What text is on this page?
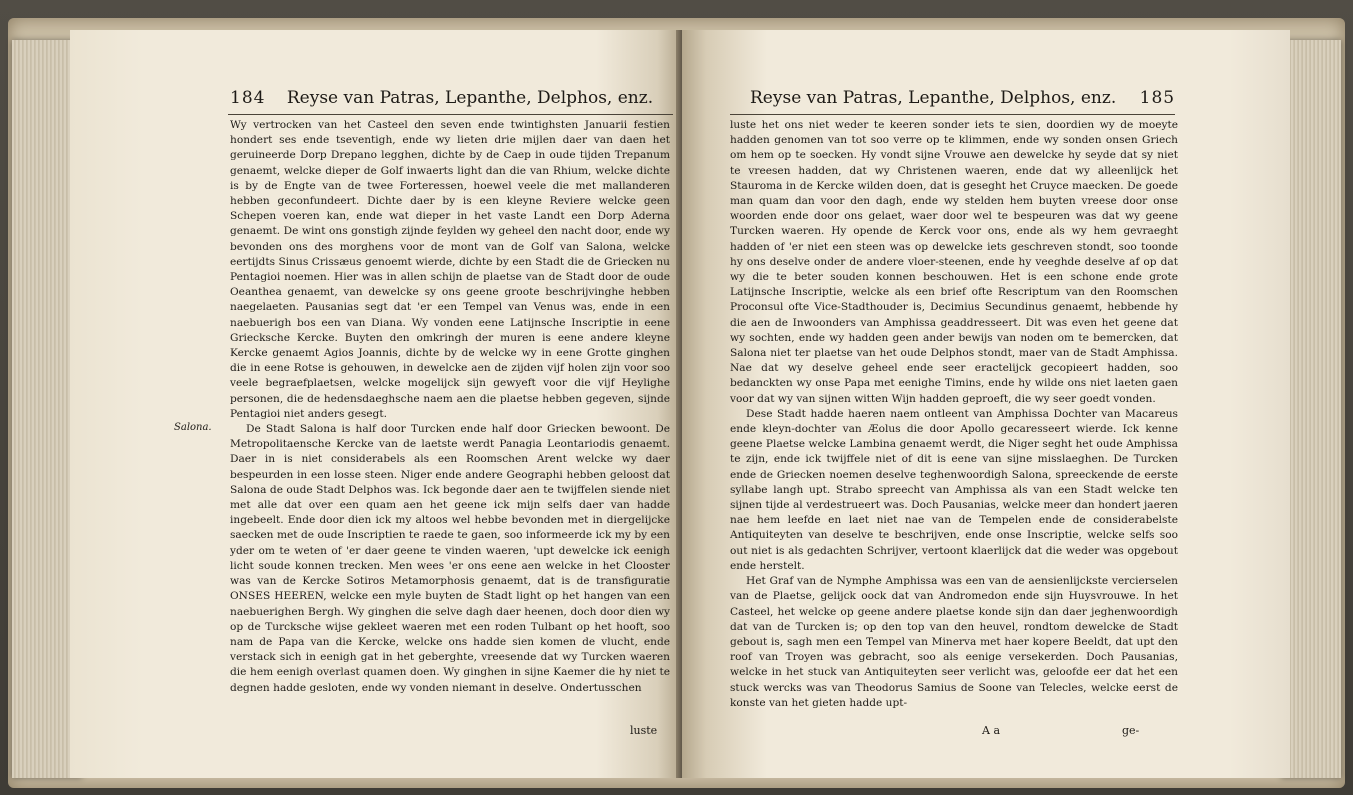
184 Reyse van Patras, Lepanthe, Delphos, enz.

Wy vertrocken van het Casteel den seven ende twintighsten Januarii festien hondert ses ende tseventigh, ende wy lieten drie mijlen daer van daen het geruineerde Dorp Drepano legghen, dichte by de Caep in oude tijden Trepanum genaemt, welcke dieper de Golf inwaerts light dan die van Rhium, welcke dichte is by de Engte van de twee Forteressen, hoewel veele die met mallanderen hebben geconfundeert. Dichte daer by is een kleyne Reviere welcke geen Schepen voeren kan, ende wat dieper in het vaste Landt een Dorp Aderna genaemt. De wint ons gonstigh zijnde feylden wy geheel den nacht door, ende wy bevonden ons des morghens voor de mont van de Golf van Salona, welcke eertijdts Sinus Crissæus genoemt wierde, dichte by een Stadt die de Griecken nu Pentagioi noemen. Hier was in allen schijn de plaetse van de Stadt door de oude Oeanthea genaemt, van dewelcke sy ons geene groote beschrijvinghe hebben naegelaeten. Pausanias segt dat 'er een Tempel van Venus was, ende in een naebuerigh bos een van Diana. Wy vonden eene Latijnsche Inscriptie in eene Griecksche Kercke. Buyten den omkringh der muren is eene andere kleyne Kercke genaemt Agios Joannis, dichte by de welcke wy in eene Grotte ginghen die in eene Rotse is gehouwen, in dewelcke aen de zijden vijf holen zijn voor soo veele begraefplaetsen, welcke mogelijck sijn gewyeft voor die vijf Heylighe personen, die de hedensdaeghsche naem aen die plaetse hebben gegeven, sijnde Pentagioi niet anders gesegt.

De Stadt Salona is half door Turcken ende half door Griecken bewoont. De Metropolitaensche Kercke van de laetste werdt Panagia Leontariodis genaemt. Daer in is niet considerabels als een Roomschen Arent welcke wy daer bespeurden in een losse steen. Niger ende andere Geographi hebben geloost dat Salona de oude Stadt Delphos was. Ick begonde daer aen te twijffelen siende niet met alle dat over een quam aen het geene ick mijn selfs daer van hadde ingebeelt. Ende door dien ick my altoos wel hebbe bevonden met in diergelijcke saecken met de oude Inscriptien te raede te gaen, soo informeerde ick my by een yder om te weten of 'er daer geene te vinden waeren, 'upt dewelcke ick eenigh licht soude konnen trecken. Men wees 'er ons eene aen welcke in het Clooster was van de Kercke Sotiros Metamorphosis genaemt, dat is de transfiguratie ONSES HEEREN, welcke een myle buyten de Stadt light op het hangen van een naebuerighen Bergh. Wy ginghen die selve dagh daer heenen, doch door dien wy op de Turcksche wijse gekleet waeren met een roden Tulbant op het hooft, soo nam de Papa van die Kercke, welcke ons hadde sien komen de vlucht, ende verstack sich in eenigh gat in het geberghte, vreesende dat wy Turcken waeren die hem eenigh overlast quamen doen. Wy ginghen in sijne Kaemer die hy niet te degnen hadde gesloten, ende wy vonden niemant in deselve. Ondertusschen

Salona.
luste
Reyse van Patras, Lepanthe, Delphos, enz. 185

luste het ons niet weder te keeren sonder iets te sien, doordien wy de moeyte hadden genomen van tot soo verre op te klimmen, ende wy sonden onsen Griech om hem op te soecken. Hy vondt sijne Vrouwe aen dewelcke hy seyde dat sy niet te vreesen hadden, dat wy Christenen waeren, ende dat wy alleenlijck het Stauroma in de Kercke wilden doen, dat is geseght het Cruyce maecken. De goede man quam dan voor den dagh, ende wy stelden hem buyten vreese door onse woorden ende door ons gelaet, waer door wel te bespeuren was dat wy geene Turcken waeren. Hy opende de Kerck voor ons, ende als wy hem gevraeght hadden of 'er niet een steen was op dewelcke iets geschreven stondt, soo toonde hy ons deselve onder de andere vloer-steenen, ende hy veeghde deselve af op dat wy die te beter souden konnen beschouwen. Het is een schone ende grote Latijnsche Inscriptie, welcke als een brief ofte Rescriptum van den Roomschen Proconsul ofte Vice-Stadthouder is, Decimius Secundinus genaemt, hebbende hy die aen de Inwoonders van Amphissa geaddresseert. Dit was even het geene dat wy sochten, ende wy hadden geen ander bewijs van noden om te bemercken, dat Salona niet ter plaetse van het oude Delphos stondt, maer van de Stadt Amphissa. Nae dat wy deselve geheel ende seer eractelijck gecopieert hadden, soo bedanckten wy onse Papa met eenighe Timins, ende hy wilde ons niet laeten gaen voor dat wy van sijnen witten Wijn hadden geproeft, die wy seer goedt vonden.

Dese Stadt hadde haeren naem ontleent van Amphissa Dochter van Macareus ende kleyn-dochter van Æolus die door Apollo gecaresseert wierde. Ick kenne geene Plaetse welcke Lambina genaemt werdt, die Niger seght het oude Amphissa te zijn, ende ick twijffele niet of dit is eene van sijne misslaeghen. De Turcken ende de Griecken noemen deselve teghenwoordigh Salona, spreeckende de eerste syllabe langh upt. Strabo spreecht van Amphissa als van een Stadt welcke ten sijnen tijde al verdestrueert was. Doch Pausanias, welcke meer dan hondert jaeren nae hem leefde en laet niet nae van de Tempelen ende de considerabelste Antiquiteyten van deselve te beschrijven, ende onse Inscriptie, welcke selfs soo out niet is als gedachten Schrijver, vertoont klaerlijck dat die weder was opgebout ende herstelt.

Het Graf van de Nymphe Amphissa was een van de aensienlijckste vercierselen van de Plaetse, gelijck oock dat van Andromedon ende sijn Huysvrouwe. In het Casteel, het welcke op geene andere plaetse konde sijn dan daer jeghenwoordigh dat van de Turcken is; op den top van den heuvel, rondtom dewelcke de Stadt gebout is, sagh men een Tempel van Minerva met haer kopere Beeldt, dat upt den roof van Troyen was gebracht, soo als eenige versekerden. Doch Pausanias, welcke in het stuck van Antiquiteyten seer verlicht was, geloofde eer dat het een stuck wercks was van Theodorus Samius de Soone van Telecles, welcke eerst de konste van het gieten hadde upt-

A a	ge-
